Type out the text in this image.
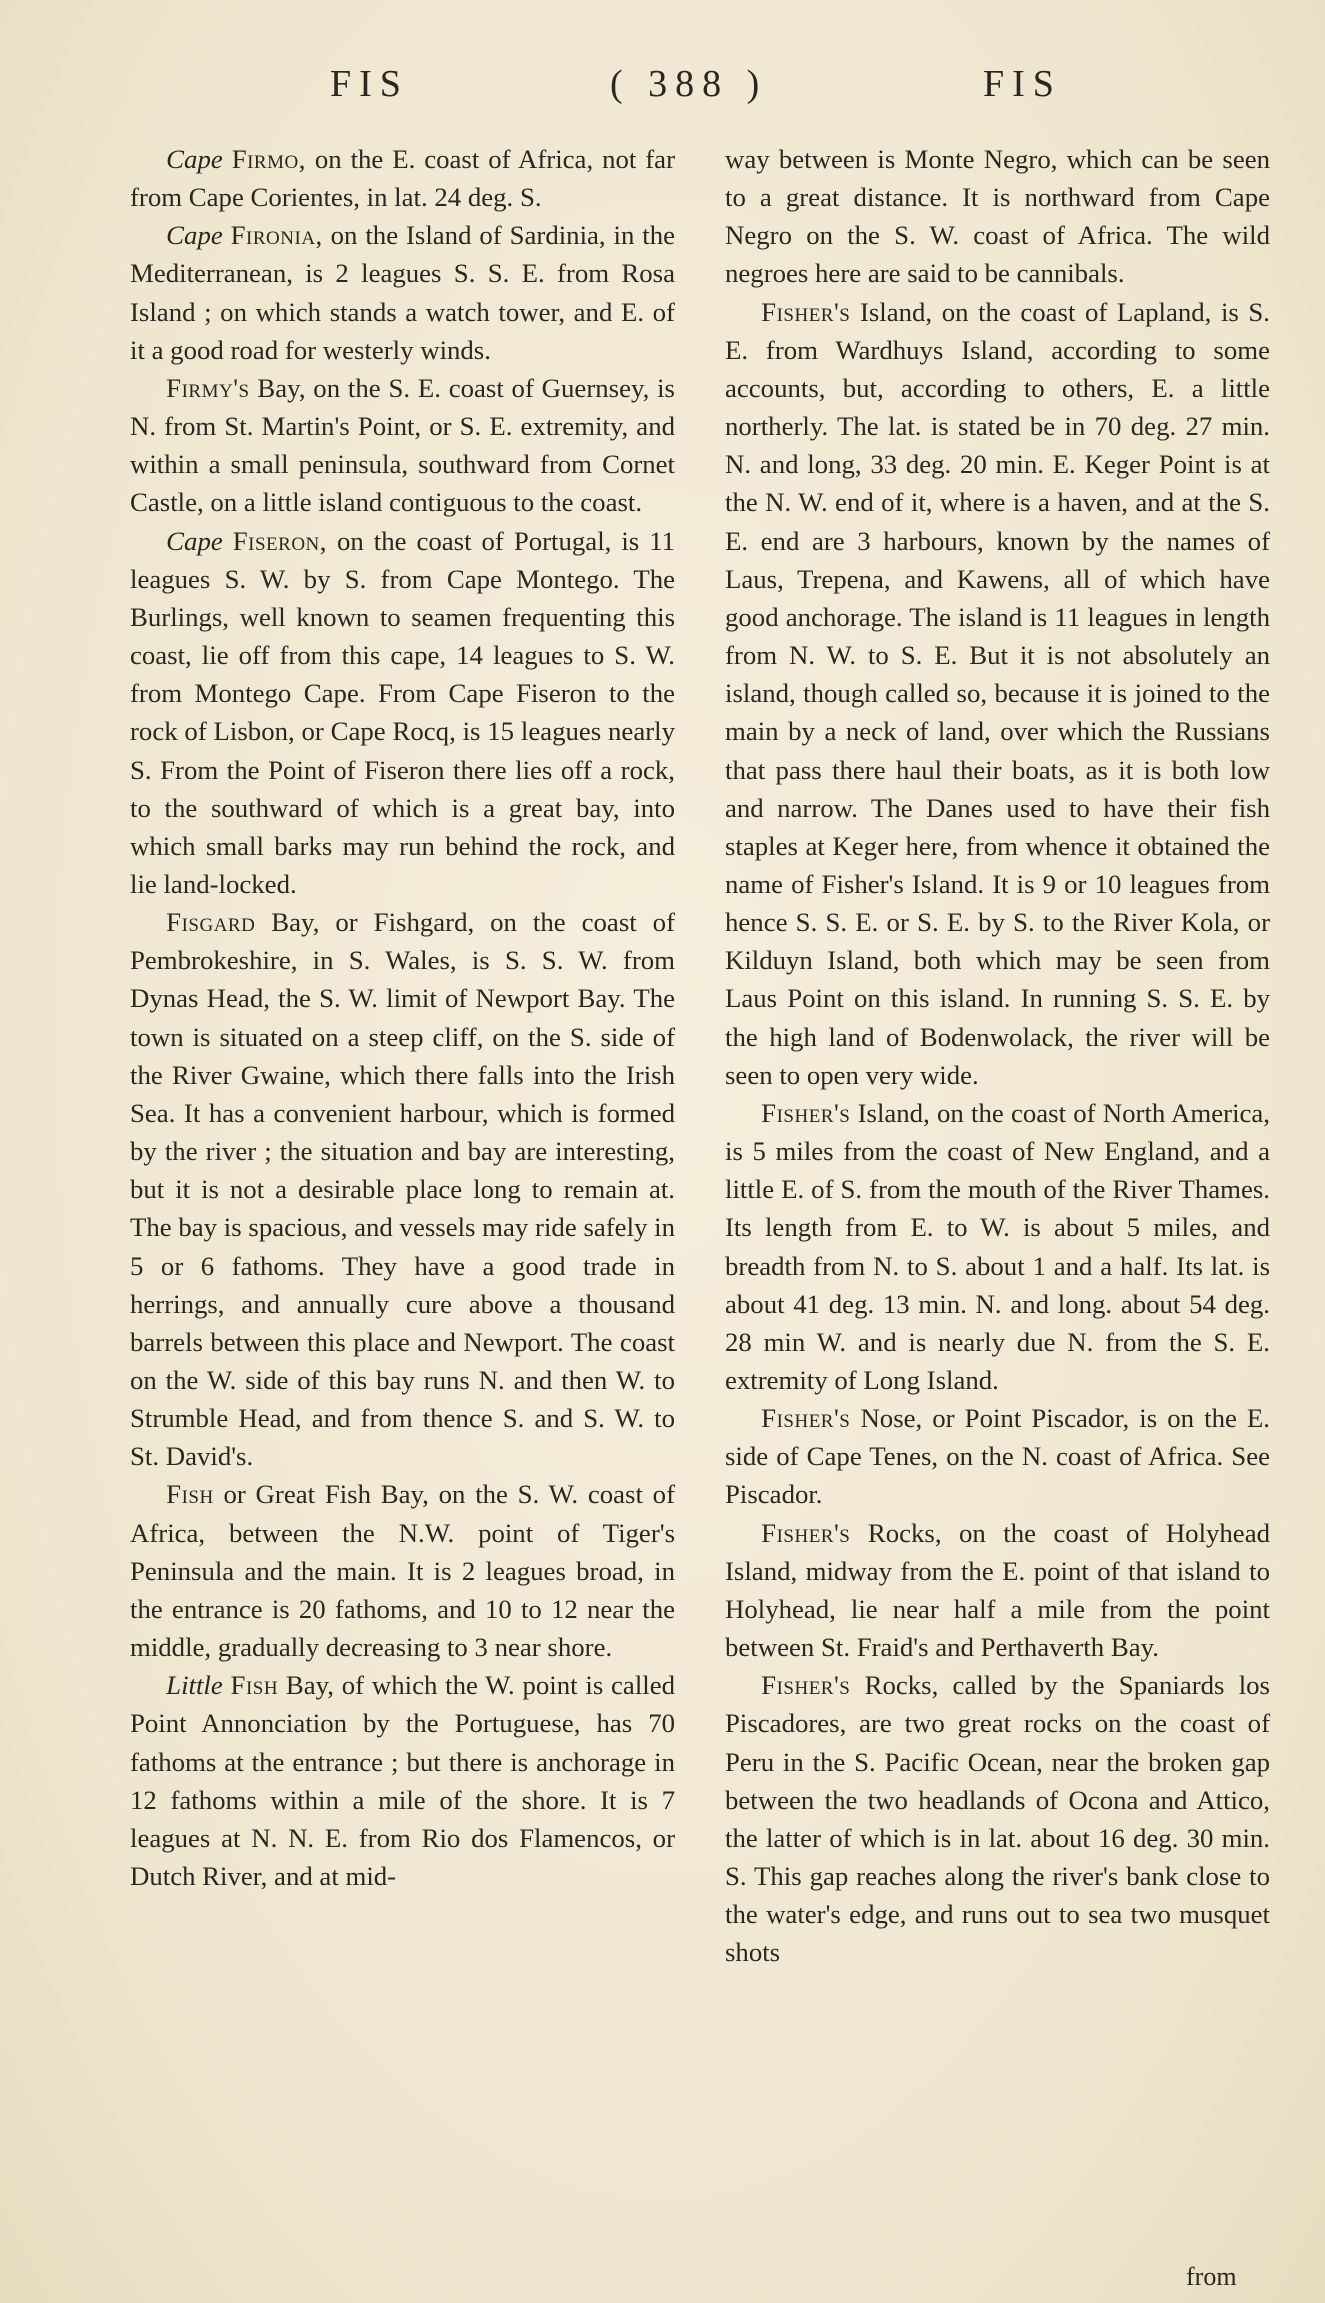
FIS	( 388 )	FIS

Cape Firmo, on the E. coast of Africa, not far from Cape Corientes, in lat. 24 deg. S.

Cape Fironia, on the Island of Sardinia, in the Mediterranean, is 2 leagues S. S. E. from Rosa Island ; on which stands a watch tower, and E. of it a good road for westerly winds.

Firmy's Bay, on the S. E. coast of Guernsey, is N. from St. Martin's Point, or S. E. extremity, and within a small peninsula, southward from Cornet Castle, on a little island contiguous to the coast.

Cape Fiseron, on the coast of Portugal, is 11 leagues S. W. by S. from Cape Montego. The Burlings, well known to seamen frequenting this coast, lie off from this cape, 14 leagues to S. W. from Montego Cape. From Cape Fiseron to the rock of Lisbon, or Cape Rocq, is 15 leagues nearly S. From the Point of Fiseron there lies off a rock, to the southward of which is a great bay, into which small barks may run behind the rock, and lie land-locked.

Fisgard Bay, or Fishgard, on the coast of Pembrokeshire, in S. Wales, is S. S. W. from Dynas Head, the S. W. limit of Newport Bay. The town is situated on a steep cliff, on the S. side of the River Gwaine, which there falls into the Irish Sea. It has a convenient harbour, which is formed by the river ; the situation and bay are interesting, but it is not a desirable place long to remain at. The bay is spacious, and vessels may ride safely in 5 or 6 fathoms. They have a good trade in herrings, and annually cure above a thousand barrels between this place and Newport. The coast on the W. side of this bay runs N. and then W. to Strumble Head, and from thence S. and S. W. to St. David's.

Fish or Great Fish Bay, on the S. W. coast of Africa, between the N.W. point of Tiger's Peninsula and the main. It is 2 leagues broad, in the entrance is 20 fathoms, and 10 to 12 near the middle, gradually decreasing to 3 near shore.

Little Fish Bay, of which the W. point is called Point Annonciation by the Portuguese, has 70 fathoms at the entrance ; but there is anchorage in 12 fathoms within a mile of the shore. It is 7 leagues at N. N. E. from Rio dos Flamencos, or Dutch River, and at mid-

way between is Monte Negro, which can be seen to a great distance. It is northward from Cape Negro on the S. W. coast of Africa. The wild negroes here are said to be cannibals.

Fisher's Island, on the coast of Lapland, is S. E. from Wardhuys Island, according to some accounts, but, according to others, E. a little northerly. The lat. is stated be in 70 deg. 27 min. N. and long, 33 deg. 20 min. E. Keger Point is at the N. W. end of it, where is a haven, and at the S. E. end are 3 harbours, known by the names of Laus, Trepena, and Kawens, all of which have good anchorage. The island is 11 leagues in length from N. W. to S. E. But it is not absolutely an island, though called so, because it is joined to the main by a neck of land, over which the Russians that pass there haul their boats, as it is both low and narrow. The Danes used to have their fish staples at Keger here, from whence it obtained the name of Fisher's Island. It is 9 or 10 leagues from hence S. S. E. or S. E. by S. to the River Kola, or Kilduyn Island, both which may be seen from Laus Point on this island. In running S. S. E. by the high land of Bodenwolack, the river will be seen to open very wide.

Fisher's Island, on the coast of North America, is 5 miles from the coast of New England, and a little E. of S. from the mouth of the River Thames. Its length from E. to W. is about 5 miles, and breadth from N. to S. about 1 and a half. Its lat. is about 41 deg. 13 min. N. and long. about 54 deg. 28 min W. and is nearly due N. from the S. E. extremity of Long Island.

Fisher's Nose, or Point Piscador, is on the E. side of Cape Tenes, on the N. coast of Africa. See Piscador.

Fisher's Rocks, on the coast of Holyhead Island, midway from the E. point of that island to Holyhead, lie near half a mile from the point between St. Fraid's and Perthaverth Bay.

Fisher's Rocks, called by the Spaniards los Piscadores, are two great rocks on the coast of Peru in the S. Pacific Ocean, near the broken gap between the two headlands of Ocona and Attico, the latter of which is in lat. about 16 deg. 30 min. S. This gap reaches along the river's bank close to the water's edge, and runs out to sea two musquet shots

from
